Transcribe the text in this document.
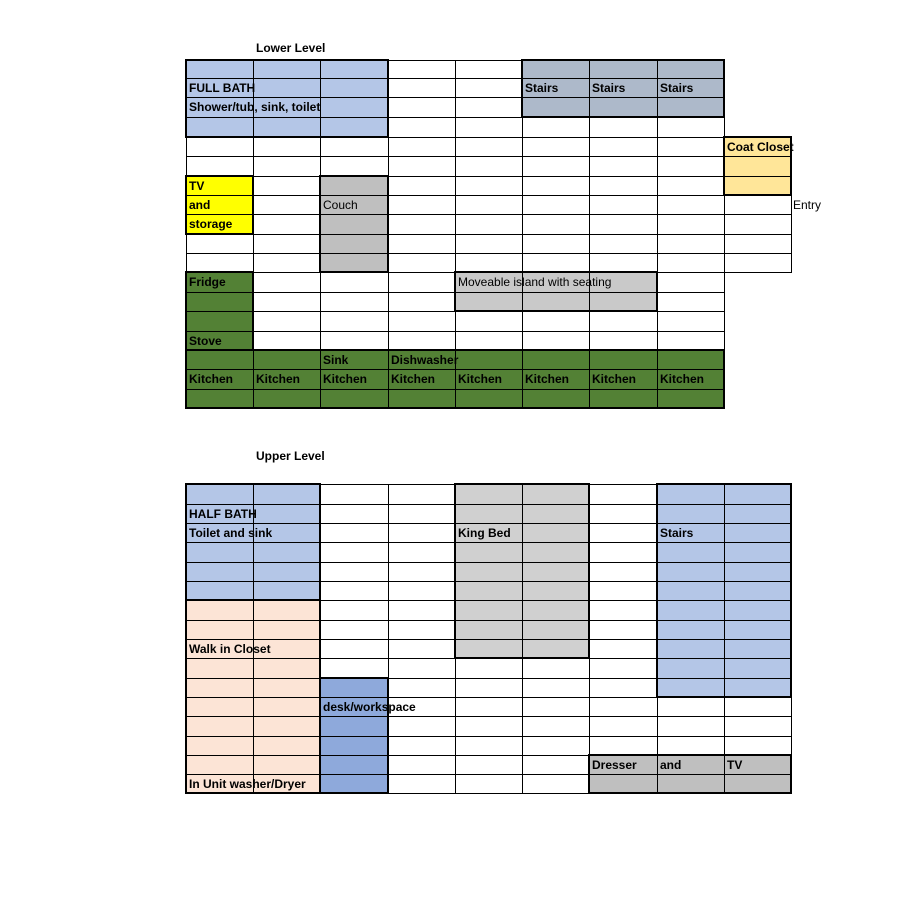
Lower Level
Upper Level
FULL BATH
Shower/tub, sink, toilet
Stairs	Stairs	Stairs
Coat Closet
TV
and
storage
Couch	Entry
Fridge	Moveable island with seating
Stove
Sink	Dishwasher
Kitchen Kitchen Kitchen Kitchen Kitchen Kitchen Kitchen Kitchen
HALF BATH
Toilet and sink	King Bed	Stairs
Walk in Closet
desk/workspace
Dresser and	TV
In Unit washer/Dryer
